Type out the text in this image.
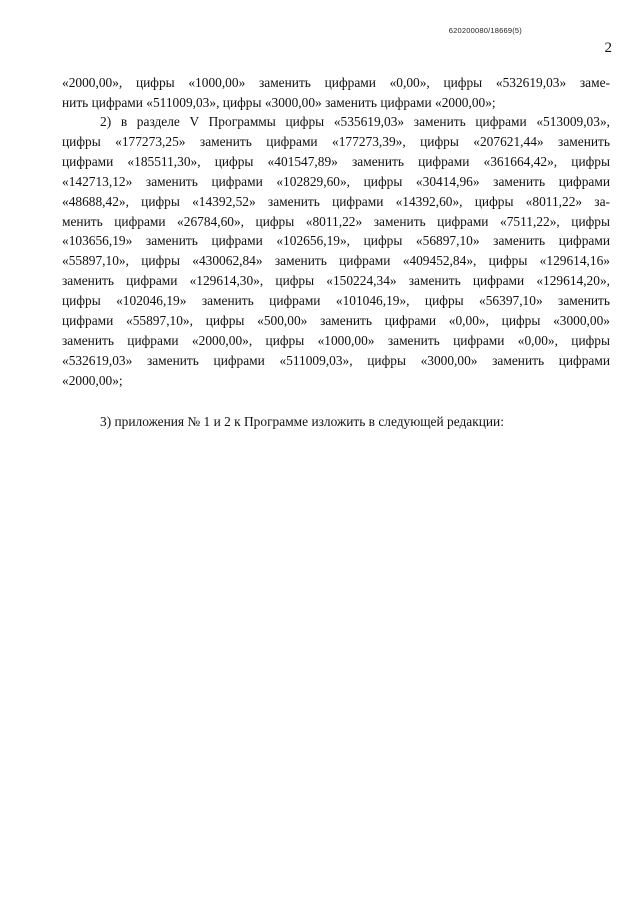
620200080/18669(5)
2
«2000,00», цифры «1000,00» заменить цифрами «0,00», цифры «532619,03» заме-
нить цифрами «511009,03», цифры «3000,00» заменить цифрами «2000,00»;
2) в разделе V Программы цифры «535619,03» заменить цифрами «513009,03»,
цифры «177273,25» заменить цифрами «177273,39», цифры «207621,44» заменить
цифрами «185511,30», цифры «401547,89» заменить цифрами «361664,42», цифры
«142713,12» заменить цифрами «102829,60», цифры «30414,96» заменить цифрами
«48688,42», цифры «14392,52» заменить цифрами «14392,60», цифры «8011,22» за-
менить цифрами «26784,60», цифры «8011,22» заменить цифрами «7511,22», цифры
«103656,19» заменить цифрами «102656,19», цифры «56897,10» заменить цифрами
«55897,10», цифры «430062,84» заменить цифрами «409452,84», цифры «129614,16»
заменить цифрами «129614,30», цифры «150224,34» заменить цифрами «129614,20»,
цифры «102046,19» заменить цифрами «101046,19», цифры «56397,10» заменить
цифрами «55897,10», цифры «500,00» заменить цифрами «0,00», цифры «3000,00»
заменить цифрами «2000,00», цифры «1000,00» заменить цифрами «0,00», цифры
«532619,03» заменить цифрами «511009,03», цифры «3000,00» заменить цифрами
«2000,00»;
3) приложения № 1 и 2 к Программе изложить в следующей редакции:
